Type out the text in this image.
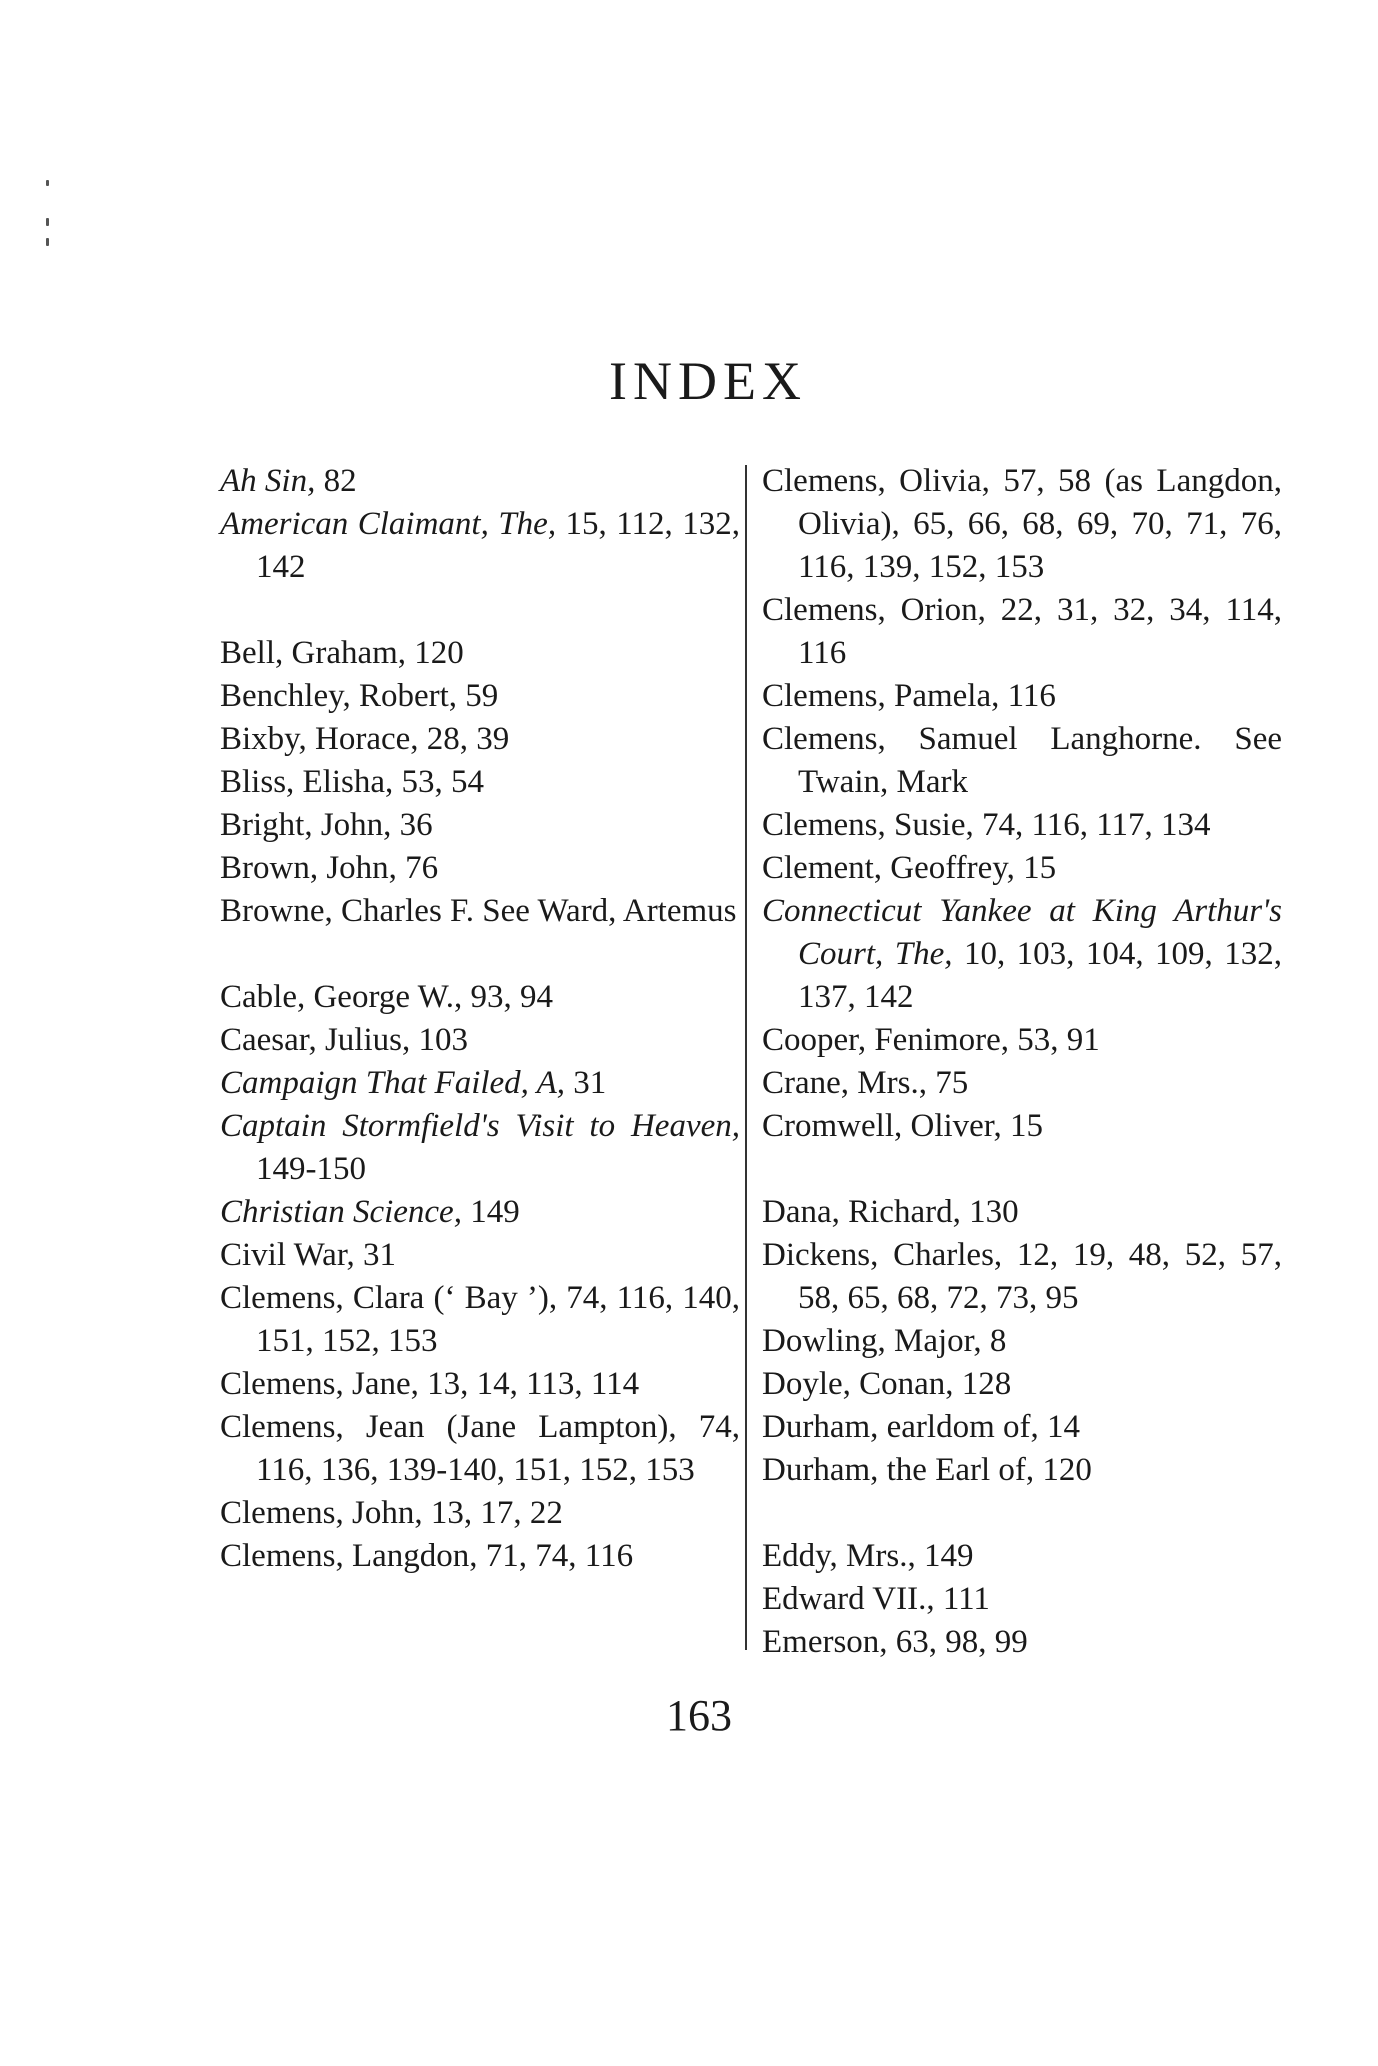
INDEX

Ah Sin, 82

American Claimant, The, 15, 112, 132, 142

Bell, Graham, 120

Benchley, Robert, 59

Bixby, Horace, 28, 39

Bliss, Elisha, 53, 54

Bright, John, 36

Brown, John, 76

Browne, Charles F. See Ward, Artemus

Cable, George W., 93, 94

Caesar, Julius, 103

Campaign That Failed, A, 31

Captain Stormfield's Visit to Heaven, 149-150

Christian Science, 149

Civil War, 31

Clemens, Clara (‘ Bay ’), 74, 116, 140, 151, 152, 153

Clemens, Jane, 13, 14, 113, 114

Clemens, Jean (Jane Lampton), 74, 116, 136, 139-140, 151, 152, 153

Clemens, John, 13, 17, 22

Clemens, Langdon, 71, 74, 116

Clemens, Olivia, 57, 58 (as Langdon, Olivia), 65, 66, 68, 69, 70, 71, 76, 116, 139, 152, 153

Clemens, Orion, 22, 31, 32, 34, 114, 116

Clemens, Pamela, 116

Clemens, Samuel Langhorne. See Twain, Mark

Clemens, Susie, 74, 116, 117, 134

Clement, Geoffrey, 15

Connecticut Yankee at King Arthur's Court, The, 10, 103, 104, 109, 132, 137, 142

Cooper, Fenimore, 53, 91

Crane, Mrs., 75

Cromwell, Oliver, 15

Dana, Richard, 130

Dickens, Charles, 12, 19, 48, 52, 57, 58, 65, 68, 72, 73, 95

Dowling, Major, 8

Doyle, Conan, 128

Durham, earldom of, 14

Durham, the Earl of, 120

Eddy, Mrs., 149

Edward VII., 111

Emerson, 63, 98, 99

163
